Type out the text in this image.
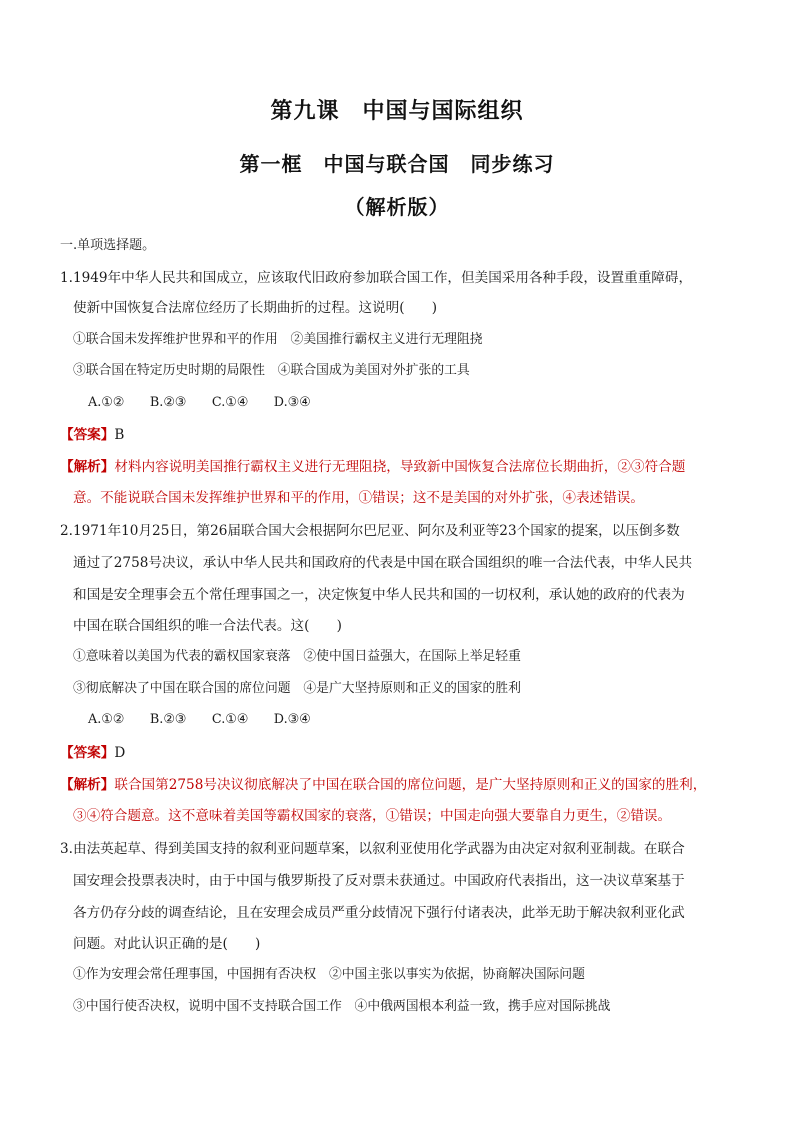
第九课　中国与国际组织
第一框　中国与联合国　同步练习
（解析版）
一.单项选择题。
1.1949年中华人民共和国成立，应该取代旧政府参加联合国工作，但美国采用各种手段，设置重重障碍，
使新中国恢复合法席位经历了长期曲折的过程。这说明(　　)
①联合国未发挥维护世界和平的作用　②美国推行霸权主义进行无理阻挠
③联合国在特定历史时期的局限性　④联合国成为美国对外扩张的工具
A.①②　　B.②③　　C.①④　　D.③④
【答案】B
【解析】材料内容说明美国推行霸权主义进行无理阻挠，导致新中国恢复合法席位长期曲折，②③符合题
意。不能说联合国未发挥维护世界和平的作用，①错误；这不是美国的对外扩张，④表述错误。
2.1971年10月25日，第26届联合国大会根据阿尔巴尼亚、阿尔及利亚等23个国家的提案，以压倒多数
通过了2758号决议，承认中华人民共和国政府的代表是中国在联合国组织的唯一合法代表，中华人民共
和国是安全理事会五个常任理事国之一，决定恢复中华人民共和国的一切权利，承认她的政府的代表为
中国在联合国组织的唯一合法代表。这(　　)
①意味着以美国为代表的霸权国家衰落　②使中国日益强大，在国际上举足轻重
③彻底解决了中国在联合国的席位问题　④是广大坚持原则和正义的国家的胜利
A.①②　　B.②③　　C.①④　　D.③④
【答案】D
【解析】联合国第2758号决议彻底解决了中国在联合国的席位问题，是广大坚持原则和正义的国家的胜利，
③④符合题意。这不意味着美国等霸权国家的衰落，①错误；中国走向强大要靠自力更生，②错误。
3.由法英起草、得到美国支持的叙利亚问题草案，以叙利亚使用化学武器为由决定对叙利亚制裁。在联合
国安理会投票表决时，由于中国与俄罗斯投了反对票未获通过。中国政府代表指出，这一决议草案基于
各方仍存分歧的调查结论，且在安理会成员严重分歧情况下强行付诸表决，此举无助于解决叙利亚化武
问题。对此认识正确的是(　　)
①作为安理会常任理事国，中国拥有否决权　②中国主张以事实为依据，协商解决国际问题
③中国行使否决权，说明中国不支持联合国工作　④中俄两国根本利益一致，携手应对国际挑战
